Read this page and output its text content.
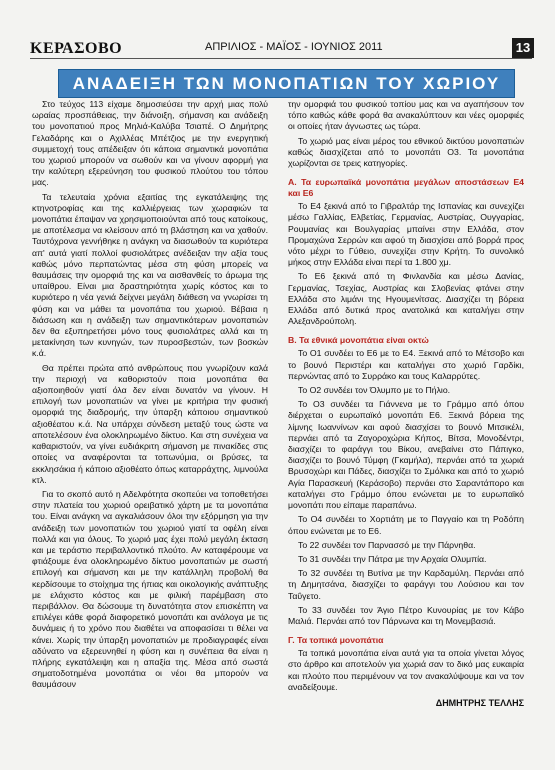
ΚΕΡΑΣΟΒΟ	ΑΠΡΙΛΙΟΣ - ΜΑΪΟΣ - ΙΟΥΝΙΟΣ 2011	13
ΑΝΑΔΕΙΞΗ ΤΩΝ ΜΟΝΟΠΑΤΙΩΝ ΤΟΥ ΧΩΡΙΟΥ

Στο τεύχος 113 είχαμε δημοσιεύσει την αρχή μιας πολύ ωραίας προσπάθειας, την διάνοιξη, σήμανση και ανάδειξη του μονοπατιού προς Μηλιά-Καλύβα Τσιαπέ. Ο Δημήτρης Γελαδάρης και ο Αχιλλέας Μπέτζιος με την ενεργητική συμμετοχή τους απέδειξαν ότι κάποια σημαντικά μονοπάτια του χωριού μπορούν να σωθούν και να γίνουν αφορμή για την καλύτερη εξερεύνηση του φυσικού πλούτου του τόπου μας.

Τα τελευταία χρόνια εξαιτίας της εγκατάλειψης της κτηνοτροφίας και της καλλιέργειας των χωραφιών τα μονοπάτια έπαψαν να χρησιμοποιούνται από τους κατοίκους, με αποτέλεσμα να κλείσουν από τη βλάστηση και να χαθούν. Ταυτόχρονα γεννήθηκε η ανάγκη να διασωθούν τα κυριότερα απ' αυτά γιατί πολλοί φυσιολάτρες ανέδειξαν την αξία τους καθώς μόνο περπατώντας μέσα στη φύση μπορείς να θαυμάσεις την ομορφιά της και να αισθανθείς το άρωμα της υπαίθρου. Είναι μια δραστηριότητα χωρίς κόστος και το κυριότερο η νέα γενιά δείχνει μεγάλη διάθεση να γνωρίσει τη φύση και να μάθει τα μονοπάτια του χωριού. Βέβαια η διάσωση και η ανάδειξη των σημαντικότερων μονοπατιών δεν θα εξυπηρετήσει μόνο τους φυσιολάτρες αλλά και τη μετακίνηση των κυνηγών, των πυροσβεστών, των βοσκών κ.ά.

Θα πρέπει πρώτα από ανθρώπους που γνωρίζουν καλά την περιοχή να καθοριστούν ποια μονοπάτια θα αξιοποιηθούν γιατί όλα δεν είναι δυνατόν να γίνουν. Η επιλογή των μονοπατιών να γίνει με κριτήρια την φυσική ομορφιά της διαδρομής, την ύπαρξη κάποιου σημαντικού αξιοθέατου κ.ά. Να υπάρχει σύνδεση μεταξύ τους ώστε να αποτελέσουν ένα ολοκληρωμένο δίκτυο. Και στη συνέχεια να καθαριστούν, να γίνει ευδιάκριτη σήμανση με πινακίδες στις οποίες να αναφέρονται τα τοπωνύμια, οι βρύσες, τα εκκλησάκια ή κάποιο αξιοθέατο όπως καταρράχτης, λιμνούλα κτλ.

Για το σκοπό αυτό η Αδελφότητα σκοπεύει να τοποθετήσει στην πλατεία του χωριού ορειβατικό χάρτη με τα μονοπάτια του. Είναι ανάγκη να αγκαλιάσουν όλοι την εξόρμηση για την ανάδειξη των μονοπατιών του χωριού γιατί τα οφέλη είναι πολλά και για όλους. Το χωριό μας έχει πολύ μεγάλη έκταση και με τεράστιο περιβαλλοντικό πλούτο. Αν καταφέρουμε να φτιάξουμε ένα ολοκληρωμένο δίκτυο μονοπατιών με σωστή επιλογή και σήμανση και με την κατάλληλη προβολή θα κερδίσουμε το στοίχημα της ήπιας και οικολογικής ανάπτυξης με ελάχιστο κόστος και με φιλική παρέμβαση στο περιβάλλον. Θα δώσουμε τη δυνατότητα στον επισκέπτη να επιλέγει κάθε φορά διαφορετικό μονοπάτι και ανάλογα με τις δυνάμεις ή το χρόνο που διαθέτει να αποφασίσει τι θέλει να κάνει. Χωρίς την ύπαρξη μονοπατιών με προδιαγραφές είναι αδύνατο να εξερευνηθεί η φύση και η συνέπεια θα είναι η πλήρης εγκατάλειψη και η απαξία της. Μέσα από σωστά σηματοδοτημένα μονοπάτια οι νέοι θα μπορούν να θαυμάσουν

την ομορφιά του φυσικού τοπίου μας και να αγαπήσουν τον τόπο καθώς κάθε φορά θα ανακαλύπτουν και νέες ομορφιές οι οποίες ήταν άγνωστες ως τώρα.

Το χωριό μας είναι μέρος του εθνικού δικτύου μονοπατιών καθώς διασχίζεται από το μονοπάτι Ο3. Τα μονοπάτια χωρίζονται σε τρεις κατηγορίες.

Α. Τα ευρωπαϊκά μονοπάτια μεγάλων αποστάσεων Ε4 και Ε6

Το Ε4 ξεκινά από το Γιβραλτάρ της Ισπανίας και συνεχίζει μέσω Γαλλίας, Ελβετίας, Γερμανίας, Αυστρίας, Ουγγαρίας, Ρουμανίας και Βουλγαρίας μπαίνει στην Ελλάδα, στον Προμαχώνα Σερρών και αφού τη διασχίσει από βορρά προς νότο μέχρι το Γύθειο, συνεχίζει στην Κρήτη. Το συνολικό μήκος στην Ελλάδα είναι περί τα 1.800 χμ.

Το Ε6 ξεκινά από τη Φινλανδία και μέσω Δανίας, Γερμανίας, Τσεχίας, Αυστρίας και Σλοβενίας φτάνει στην Ελλάδα στο λιμάνι της Ηγουμενίτσας. Διασχίζει τη βόρεια Ελλάδα από δυτικά προς ανατολικά και καταλήγει στην Αλεξανδρούπολη.

Β. Τα εθνικά μονοπάτια είναι οκτώ

Το Ο1 συνδέει το Ε6 με το Ε4. Ξεκινά από το Μέτσοβο και το βουνό Περιστέρι και καταλήγει στο χωριό Γαρδίκι, περνώντας από το Συρράκο και τους Καλαρρύτες.

Το Ο2 συνδέει τον Όλυμπο με το Πήλιο.

Το Ο3 συνδέει τα Γιάννενα με το Γράμμο από όπου διέρχεται ο ευρωπαϊκό μονοπάτι Ε6. Ξεκινά βόρεια της λίμνης Ιωαννίνων και αφού διασχίσει το βουνό Μιτσικέλι, περνάει από τα Ζαγοροχώρια Κήπος, Βίτσα, Μονοδέντρι, διασχίζει το φαράγγι του Βίκου, ανεβαίνει στο Πάπιγκο, διασχίζει το βουνό Τύμφη (Γκαμήλα), περνάει από τα χωριά Βρυσοχώρι και Πάδες, διασχίζει το Σμόλικα και από το χωριό Αγία Παρασκευή (Κεράσοβο) περνάει στο Σαραντάπορο και καταλήγει στο Γράμμο όπου ενώνεται με το ευρωπαϊκό μονοπάτι που είπαμε παραπάνω.

Το Ο4 συνδέει το Χορτιάτη με το Παγγαίο και τη Ροδόπη όπου ενώνεται με το Ε6.

Το 22 συνδέει τον Παρνασσό με την Πάρνηθα.

Το 31 συνδέει την Πάτρα με την Αρχαία Ολυμπία.

Το 32 συνδέει τη Βυτίνα με την Καρδαμύλη. Περνάει από τη Δημητσάνα, διασχίζει το φαράγγι του Λούσιου και τον Ταΰγετο.

Το 33 συνδέει τον Άγιο Πέτρο Κυνουρίας με τον Κάβο Μαλιά. Περνάει από τον Πάρνωνα και τη Μονεμβασιά.

Γ. Τα τοπικά μονοπάτια

Τα τοπικά μονοπάτια είναι αυτά για τα οποία γίνεται λόγος στο άρθρο και αποτελούν για χωριά σαν το δικό μας ευκαιρία και πλούτο που περιμένουν να τον ανακαλύψουμε και να τον αναδείξουμε.

ΔΗΜΗΤΡΗΣ ΤΕΛΛΗΣ
